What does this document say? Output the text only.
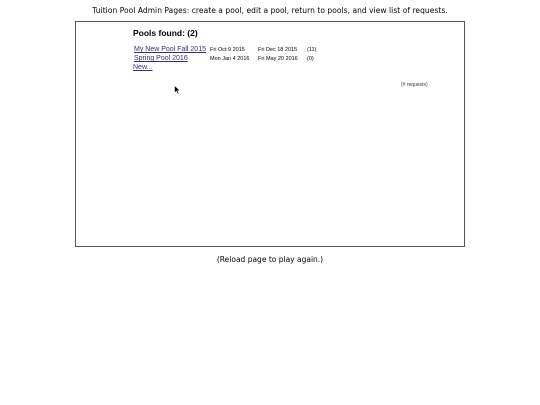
Tuition Pool Admin Pages: create a pool, edit a pool, return to pools, and view list of requests.
Pools found: (2)
My New Pool Fall 2015 Fri Oct 9 2015 Fri Dec 18 2015 (11)
Spring Pool 2016	Mon Jan 4 2016 Fri May 20 2016 (0)
New...
(# requests)
(Reload page to play again.)
